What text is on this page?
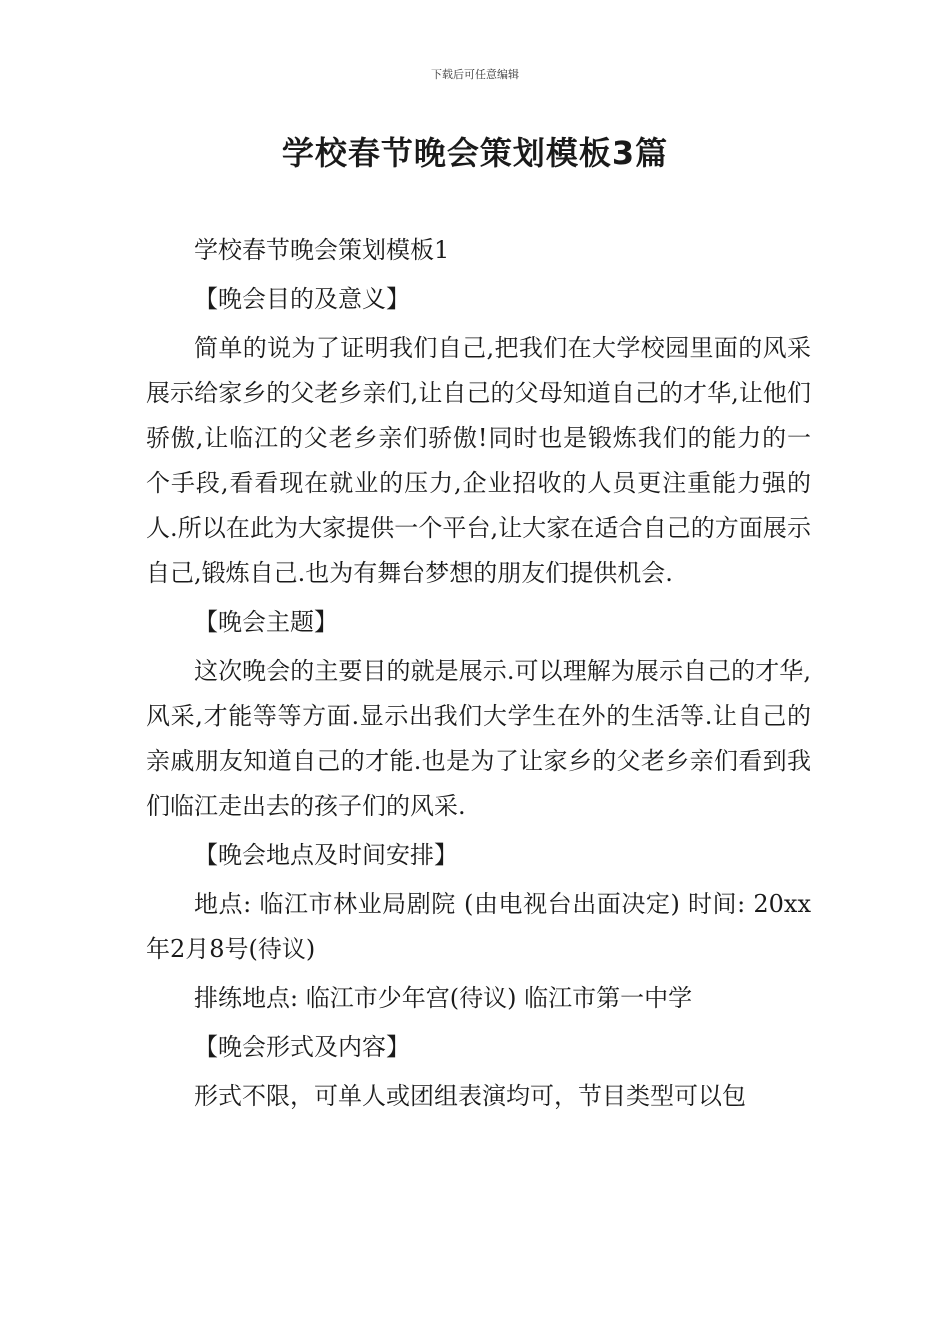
下载后可任意编辑
学校春节晚会策划模板3篇

学校春节晚会策划模板1

【晚会目的及意义】

简单的说为了证明我们自己,把我们在大学校园里面的风采展示给家乡的父老乡亲们,让自己的父母知道自己的才华,让他们骄傲,让临江的父老乡亲们骄傲!同时也是锻炼我们的能力的一个手段,看看现在就业的压力,企业招收的人员更注重能力强的人.所以在此为大家提供一个平台,让大家在适合自己的方面展示自己,锻炼自己.也为有舞台梦想的朋友们提供机会.

【晚会主题】

这次晚会的主要目的就是展示.可以理解为展示自己的才华,风采,才能等等方面.显示出我们大学生在外的生活等.让自己的亲戚朋友知道自己的才能.也是为了让家乡的父老乡亲们看到我们临江走出去的孩子们的风采.

【晚会地点及时间安排】

地点: 临江市林业局剧院 (由电视台出面决定) 时间: 20xx年2月8号(待议)

排练地点: 临江市少年宫(待议) 临江市第一中学

【晚会形式及内容】

形式不限，可单人或团组表演均可，节目类型可以包
